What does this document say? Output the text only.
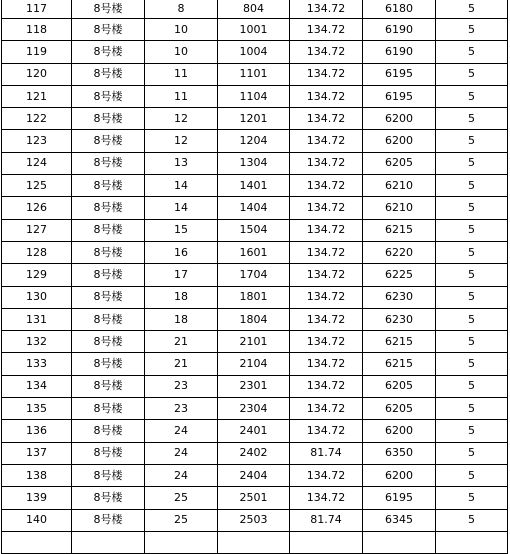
117	8号楼	8	804	134.72	6180	5
118	8号楼	10	1001	134.72	6190	5
119	8号楼	10	1004	134.72	6190	5
120	8号楼	11	1101	134.72	6195	5
121	8号楼	11	1104	134.72	6195	5
122	8号楼	12	1201	134.72	6200	5
123	8号楼	12	1204	134.72	6200	5
124	8号楼	13	1304	134.72	6205	5
125	8号楼	14	1401	134.72	6210	5
126	8号楼	14	1404	134.72	6210	5
127	8号楼	15	1504	134.72	6215	5
128	8号楼	16	1601	134.72	6220	5
129	8号楼	17	1704	134.72	6225	5
130	8号楼	18	1801	134.72	6230	5
131	8号楼	18	1804	134.72	6230	5
132	8号楼	21	2101	134.72	6215	5
133	8号楼	21	2104	134.72	6215	5
134	8号楼	23	2301	134.72	6205	5
135	8号楼	23	2304	134.72	6205	5
136	8号楼	24	2401	134.72	6200	5
137	8号楼	24	2402	81.74	6350	5
138	8号楼	24	2404	134.72	6200	5
139	8号楼	25	2501	134.72	6195	5
140	8号楼	25	2503	81.74	6345	5
